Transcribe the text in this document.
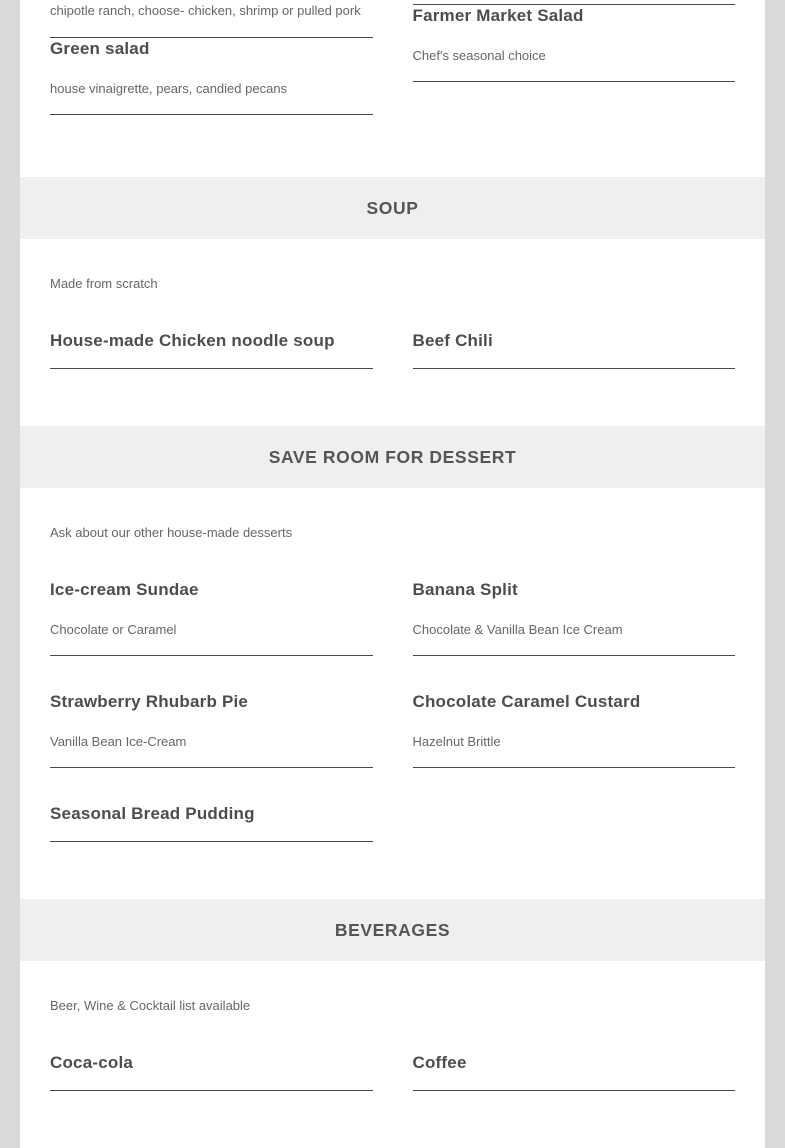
chipotle ranch, choose- chicken, shrimp or pulled pork

Green salad

house vinaigrette, pears, candied pecans

Farmer Market Salad

Chef's seasonal choice

SOUP

Made from scratch

House-made Chicken noodle soup	Beef Chili
SAVE ROOM FOR DESSERT

Ask about our other house-made desserts

Ice-cream Sundae

Chocolate or Caramel

Banana Split

Chocolate & Vanilla Bean Ice Cream

Strawberry Rhubarb Pie

Vanilla Bean Ice-Cream

Chocolate Caramel Custard

Hazelnut Brittle

Seasonal Bread Pudding
BEVERAGES

Beer, Wine & Cocktail list available

Coca-cola	Coffee
